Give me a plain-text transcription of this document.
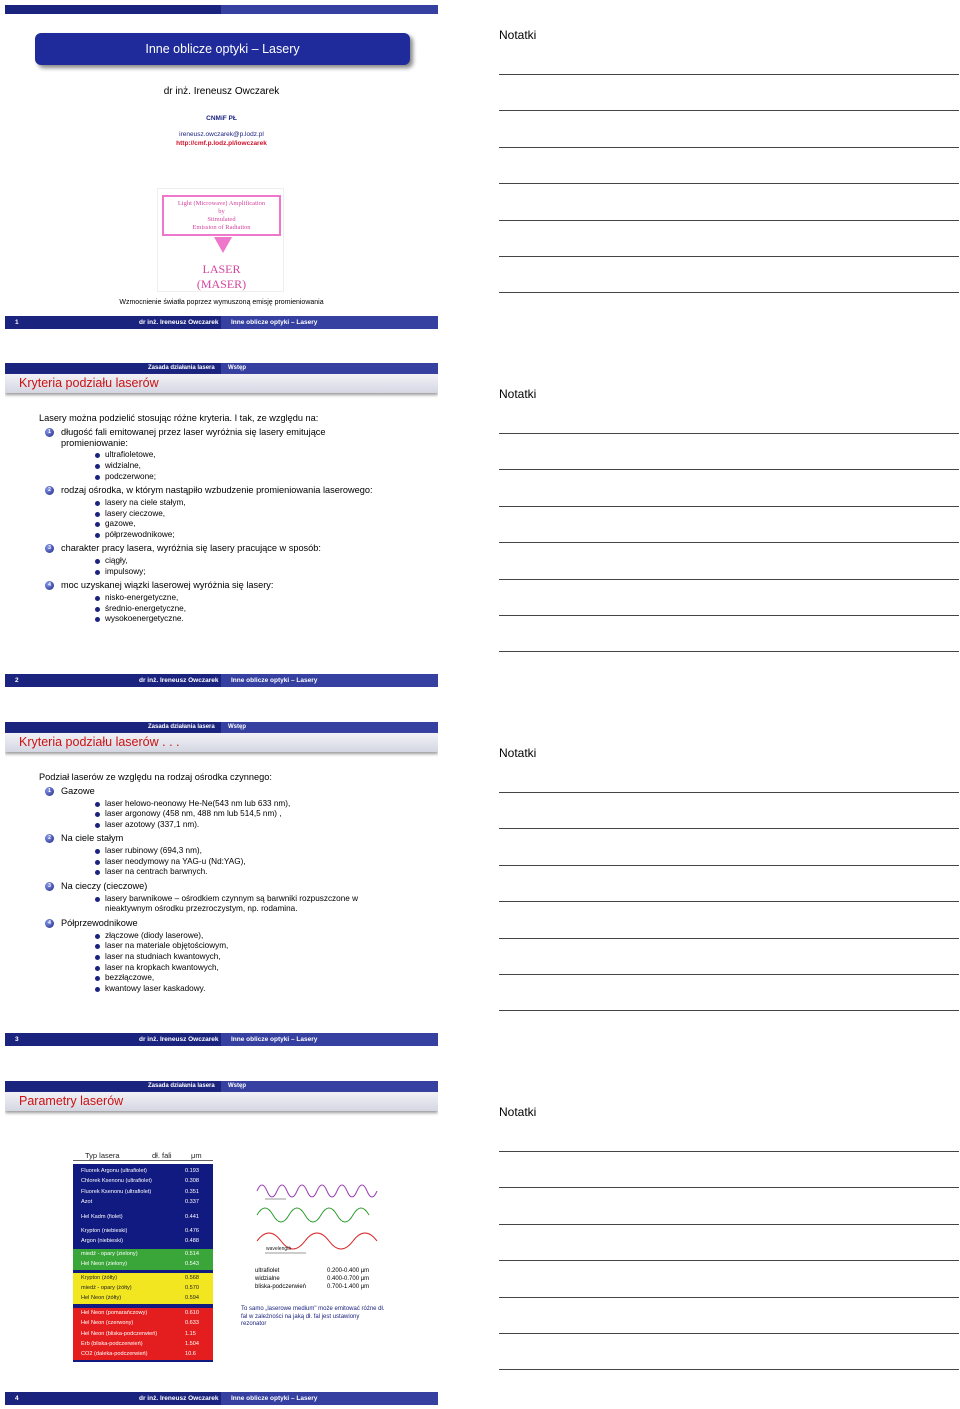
Inne oblicze optyki – Lasery
dr inż. Ireneusz Owczarek
CNMiF PŁ
ireneusz.owczarek@p.lodz.pl
http://cmf.p.lodz.pl/iowczarek
Light (Microwave) Amplification
by
Stimulated
Emission of Radiation
LASER
(MASER)
Wzmocnienie światła poprzez wymuszoną emisję promieniowania
1	dr inż. Ireneusz Owczarek Inne oblicze optyki – Lasery
Zasada działania lasera Wstęp
Kryteria podziału laserów
Lasery można podzielić stosując różne kryteria. I tak, ze względu na:
1	długość fali emitowanej przez laser wyróżnia się lasery emitujące promieniowanie:
ultrafioletowe,
widzialne,
podczerwone;
2	rodzaj ośrodka, w którym nastąpiło wzbudzenie promieniowania laserowego:
lasery na ciele stałym,
lasery cieczowe,
gazowe,
półprzewodnikowe;
3	charakter pracy lasera, wyróżnia się lasery pracujące w sposób:
ciągły,
impulsowy;
4	moc uzyskanej wiązki laserowej wyróżnia się lasery:
nisko-energetyczne,
średnio-energetyczne,
wysokoenergetyczne.
2	dr inż. Ireneusz Owczarek Inne oblicze optyki – Lasery
Zasada działania lasera Wstęp
Kryteria podziału laserów . . .
Podział laserów ze względu na rodzaj ośrodka czynnego:
1	Gazowe
laser helowo-neonowy He-Ne(543 nm lub 633 nm),
laser argonowy (458 nm, 488 nm lub 514,5 nm) ,
laser azotowy (337,1 nm).
2	Na ciele stałym
laser rubinowy (694,3 nm),
laser neodymowy na YAG-u (Nd:YAG),
laser na centrach barwnych.
3	Na cieczy (cieczowe)
lasery barwnikowe – ośrodkiem czynnym są barwniki rozpuszczone w nieaktywnym ośrodku przezroczystym, np. rodamina.
4	Półprzewodnikowe
złączowe (diody laserowe),
laser na materiale objętościowym,
laser na studniach kwantowych,
laser na kropkach kwantowych,
bezzłączowe,
kwantowy laser kaskadowy.
3	dr inż. Ireneusz Owczarek Inne oblicze optyki – Lasery
Zasada działania lasera Wstęp
Parametry laserów
Typ lasera	dł. fali	μm
Fluorek Argonu (ultrafiolet)	0.193
Chlorek Ksenonu (ultrafiolet)	0.308
Fluorek Ksenonu (ultrafiolet)	0.351
Azot	0.337
Hel Kadm (fiolet)	0.441
Krypton (niebieski)	0.476
Argon (niebieski)	0.488
miedź - opary (zielony)	0.514
Hel Neon (zielony)	0.543
Krypton (żółty)	0.568
miedź - opary (żółty)	0.570
Hel Neon (żółty)	0.594
Hel Neon (pomarańczowy)	0.610
Hel Neon (czerwony)	0.633
Hel Neon (bliska-podczerwień)	1.15
Erb (bliska-podczerwień)	1.504
CO2 (daleka-podczerwień)	10.6
wavelength
ultrafiolet	0.200-0.400 μm
widzialne	0.400-0.700 μm
bliska-podczerwień	0.700-1.400 μm
To samo „laserowe medium" może emitować różne dł. fal w zależności na jaką dł. fal jest ustawiony rezonator
4	dr inż. Ireneusz Owczarek Inne oblicze optyki – Lasery
Notatki
Notatki
Notatki
Notatki
